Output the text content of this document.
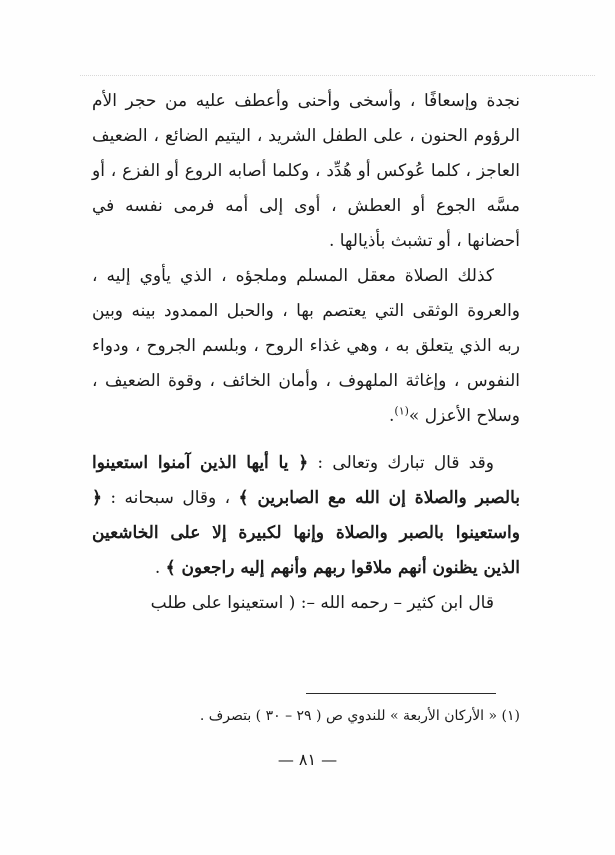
نجدة وإسعافًا ، وأسخى وأحنى وأعطف عليه من حجر الأم الرؤوم الحنون ، على الطفل الشريد ، اليتيم الضائع ، الضعيف العاجز ، كلما عُوكس أو هُدِّد ، وكلما أصابه الروع أو الفزع ، أو مسَّه الجوع أو العطش ، أوى إلى أمه فرمى نفسه في أحضانها ، أو تشبث بأذيالها .

كذلك الصلاة معقل المسلم وملجؤه ، الذي يأوي إليه ، والعروة الوثقى التي يعتصم بها ، والحبل الممدود بينه وبين ربه الذي يتعلق به ، وهي غذاء الروح ، وبلسم الجروح ، ودواء النفوس ، وإغاثة الملهوف ، وأمان الخائف ، وقوة الضعيف ، وسلاح الأعزل »$^{(١)}$.

وقد قال تبارك وتعالى : ﴿ يا أيها الذين آمنوا استعينوا بالصبر والصلاة إن الله مع الصابرين ﴾ ، وقال سبحانه : ﴿ واستعينوا بالصبر والصلاة وإنها لكبيرة إلا على الخاشعين الذين يظنون أنهم ملاقوا ربهم وأنهم إليه راجعون ﴾ .

قال ابن كثير – رحمه الله –: ( استعينوا على طلب

(١) « الأركان الأربعة » للندوي ص ( ٢٩ – ٣٠ ) بتصرف .
— ٨١ —
